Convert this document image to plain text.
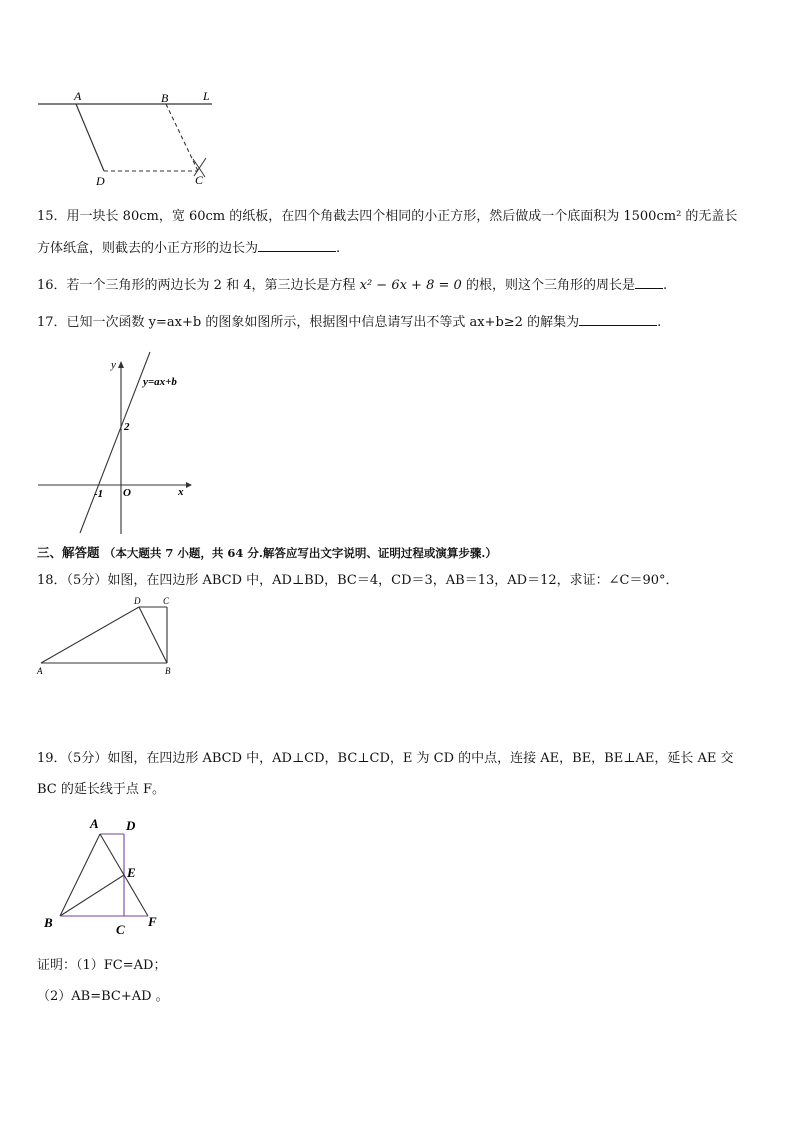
A	B	L
D	C
15．用一块长 80cm，宽 60cm 的纸板，在四个角截去四个相同的小正方形，然后做成一个底面积为 1500cm² 的无盖长
方体纸盒，则截去的小正方形的边长为	.
16．若一个三角形的两边长为 2 和 4，第三边长是方程 x² − 6x + 8 = 0 的根，则这个三角形的周长是 .
17．已知一次函数 y=ax+b 的图象如图所示，根据图中信息请写出不等式 ax+b≥2 的解集为	.
y
x
y=ax+b
2
-1 O
三、解答题 （本大题共 7 小题，共 64 分.解答应写出文字说明、证明过程或演算步骤.）
18．（5分）如图，在四边形 ABCD 中，AD⊥BD，BC＝4，CD＝3，AB＝13，AD＝12，求证：∠C＝90°．
A	B
D	C
19．（5分）如图，在四边形 ABCD 中，AD⊥CD，BC⊥CD，E 为 CD 的中点，连接 AE，BE，BE⊥AE，延长 AE 交
BC 的延长线于点 F。
A D
E
B	C
F
证明：（1）FC=AD；
（2）AB=BC+AD 。
